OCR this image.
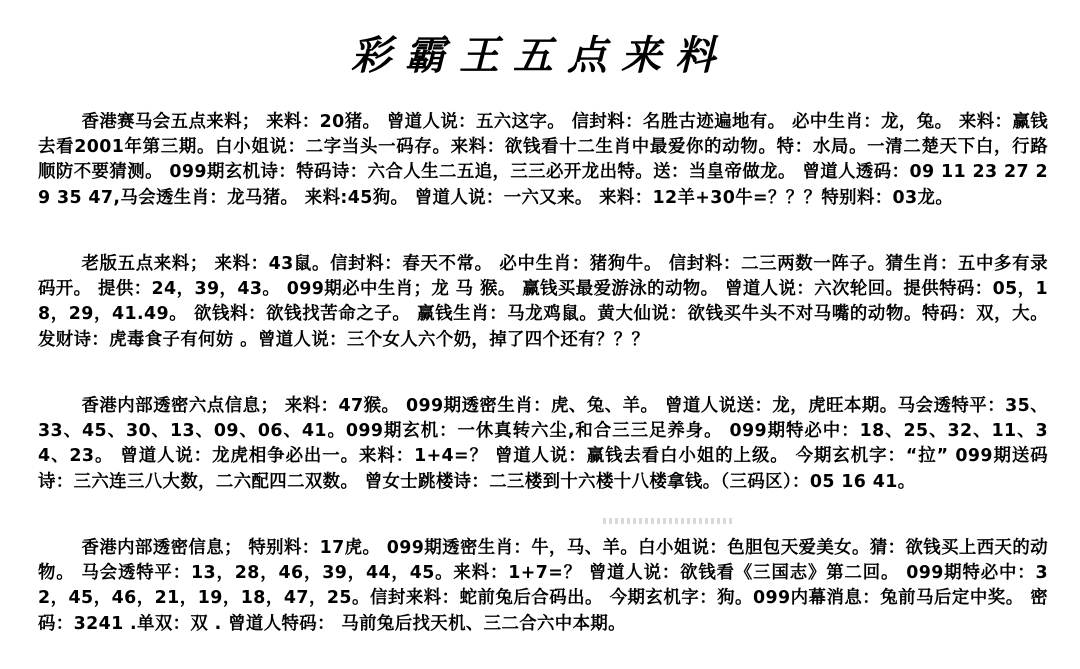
彩霸王五点来料
香港赛马会五点来料； 来料：20猪。 曾道人说：五六这字。 信封料：名胜古迹遍地有。 必中生肖：龙，兔。 来料：赢钱去看2001年第三期。白小姐说：二字当头一码存。来料：欲钱看十二生肖中最爱你的动物。特：水局。一清二楚天下白，行路顺防不要猜测。 099期玄机诗：特码诗：六合人生二五追，三三必开龙出特。送：当皇帝做龙。 曾道人透码：09 11 23 27 29 35 47,马会透生肖：龙马猪。 来料:45狗。 曾道人说：一六又来。 来料：12羊+30牛=？？？特别料：03龙。
老版五点来料； 来料：43鼠。信封料：春天不常。 必中生肖：猪狗牛。 信封料：二三两数一阵子。猜生肖：五中多有录码开。 提供：24，39，43。 099期必中生肖；龙 马 猴。 赢钱买最爱游泳的动物。 曾道人说：六次轮回。提供特码：05，18，29，41.49。 欲钱料：欲钱找苦命之子。 赢钱生肖：马龙鸡鼠。黄大仙说：欲钱买牛头不对马嘴的动物。特码：双，大。 发财诗：虎毒食子有何妨 。曾道人说：三个女人六个奶，掉了四个还有？？？
香港内部透密六点信息； 来料：47猴。 099期透密生肖：虎、兔、羊。 曾道人说送：龙，虎旺本期。马会透特平：35、33、45、30、13、09、06、41。099期玄机：一休真转六尘,和合三三足养身。 099期特必中：18、25、32、11、34、23。 曾道人说：龙虎相争必出一。来料：1+4=？ 曾道人说：赢钱去看白小姐的上级。 今期玄机字：“拉” 099期送码诗：三六连三八大数，二六配四二双数。 曾女士跳楼诗：二三楼到十六楼十八楼拿钱。（三码区）：05 16 41。
香港内部透密信息； 特别料：17虎。 099期透密生肖：牛，马、羊。白小姐说：色胆包天爱美女。猜：欲钱买上西天的动物。 马会透特平：13，28，46，39，44，45。来料：1+7=？ 曾道人说：欲钱看《三国志》第二回。 099期特必中：32，45，46，21，19，18，47，25。信封来料：蛇前兔后合码出。 今期玄机字：狗。099内幕消息：兔前马后定中奖。 密码：3241 .单双：双 . 曾道人特码： 马前兔后找天机、三二合六中本期。
